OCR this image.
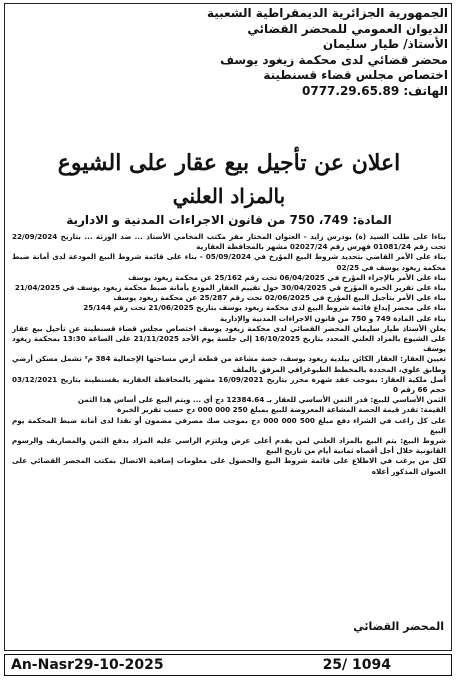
الجمهورية الجزائرية الديمقراطية الشعبية
الديوان العمومي للمحضر القضائي
الأستاذ/ طيار سليمان
محضر قضائي لدى محكمة زيغود يوسف
اختصاص مجلس قضاء قسنطينة
الهاتف: 0777.29.65.89
اعلان عن تأجيل بيع عقار على الشيوع
بالمزاد العلني
المادة: 749، 750 من قانون الاجراءات المدنية و الادارية

بناءا على طلب السيد (ة) بودرس زايد - العنوان المختار مقر مكتب المحامي الأستاذ ... ضد الورثة ... بتاريخ 22/09/2024 تحت رقم 01081/24 فهرس رقم 02027/24 مشهر بالمحافظة العقارية

بناء على الأمر القاضي بتحديد شروط البيع المؤرخ في 05/09/2024 - بناء على قائمة شروط البيع المودعة لدى أمانة ضبط محكمة زيغود يوسف في 02/25

بناء على الأمر بالإجراء المؤرخ في 06/04/2025 تحت رقم 25/162 عن محكمة زيغود يوسف

بناء على تقرير الخبرة المؤرخ في 30/04/2025 حول تقييم العقار المودع بأمانة ضبط محكمة زيغود يوسف في 21/04/2025

بناء على الأمر بتأجيل البيع المؤرخ في 02/06/2025 تحت رقم 25/287 عن محكمة زيغود يوسف

بناء على محضر إيداع قائمة شروط البيع لدى محكمة زيغود يوسف بتاريخ 21/06/2025 تحت رقم 25/144

بناء على المادة 749 و 750 من قانون الاجراءات المدنية والإدارية

يعلن الأستاذ طيار سليمان المحضر القضائي لدى محكمة زيغود يوسف اختصاص مجلس قضاء قسنطينة عن تأجيل بيع عقار على الشيوع بالمزاد العلني المحدد بتاريخ 16/10/2025 إلى جلسة يوم الأحد 21/11/2025 على الساعة 13:30 بمحكمة زيغود يوسف

تعيين العقار: العقار الكائن ببلدية زيغود يوسف، حصة مشاعة من قطعة أرض مساحتها الإجمالية 384 م² تشمل مسكن أرضي وطابق علوي، المحددة بالمخطط الطبوغرافي المرفق بالملف

أصل ملكية العقار: بموجب عقد شهرة محرر بتاريخ 16/09/2021 مشهر بالمحافظة العقارية بقسنطينة بتاريخ 03/12/2021 حجم 66 رقم 0

الثمن الأساسي للبيع: قدر الثمن الأساسي للعقار بـ 12384.64 دج أي ... ويتم البيع على أساس هذا الثمن

القيمة: تقدر قيمة الحصة المشاعة المعروضة للبيع بمبلغ 250 000 000 دج حسب تقرير الخبرة

على كل راغب في الشراء دفع مبلغ 500 000 000 دج بموجب صك مصرفي مضمون أو نقدا لدى أمانة ضبط المحكمة يوم البيع

شروط البيع: يتم البيع بالمزاد العلني لمن يقدم أعلى عرض ويلتزم الراسي عليه المزاد بدفع الثمن والمصاريف والرسوم القانونية خلال أجل أقصاه ثمانية أيام من تاريخ البيع

لكل من يرغب في الاطلاع على قائمة شروط البيع والحصول على معلومات إضافية الاتصال بمكتب المحضر القضائي على العنوان المذكور أعلاه

المحضر القضائي
An-Nasr29-10-2025	25/ 1094
